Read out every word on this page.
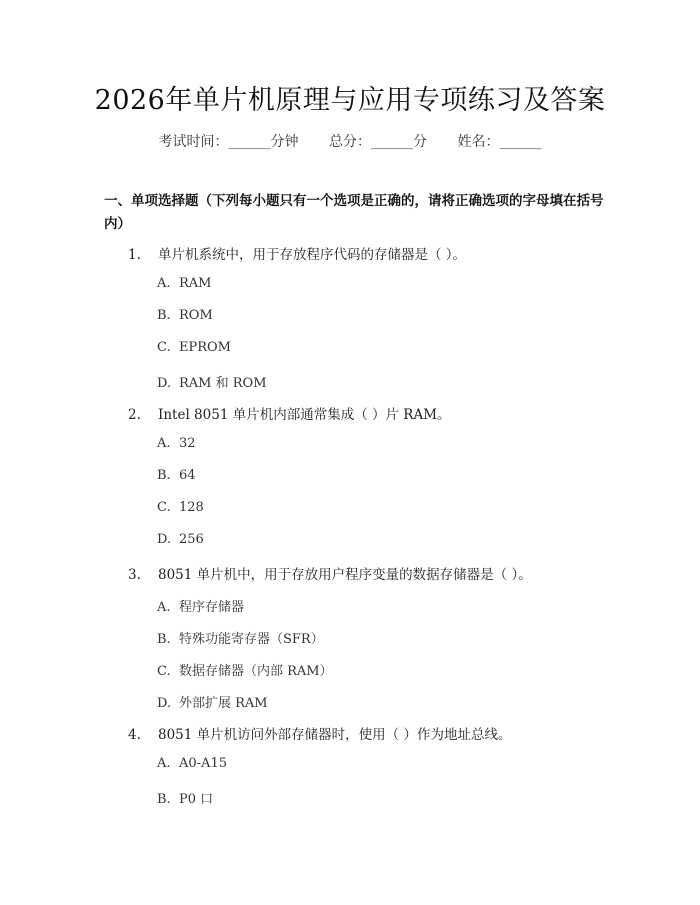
2026年单片机原理与应用专项练习及答案
考试时间：______分钟 总分：______分 姓名：______
一、单项选择题（下列每小题只有一个选项是正确的，请将正确选项的字母填在括号内）
1. 单片机系统中，用于存放程序代码的存储器是（ ）。
A. RAM
B. ROM
C. EPROM
D. RAM 和 ROM
2. Intel 8051 单片机内部通常集成（ ）片 RAM。
A. 32
B. 64
C. 128
D. 256
3. 8051 单片机中，用于存放用户程序变量的数据存储器是（ ）。
A. 程序存储器
B. 特殊功能寄存器（SFR）
C. 数据存储器（内部 RAM）
D. 外部扩展 RAM
4. 8051 单片机访问外部存储器时，使用（ ）作为地址总线。
A. A0-A15
B. P0 口
